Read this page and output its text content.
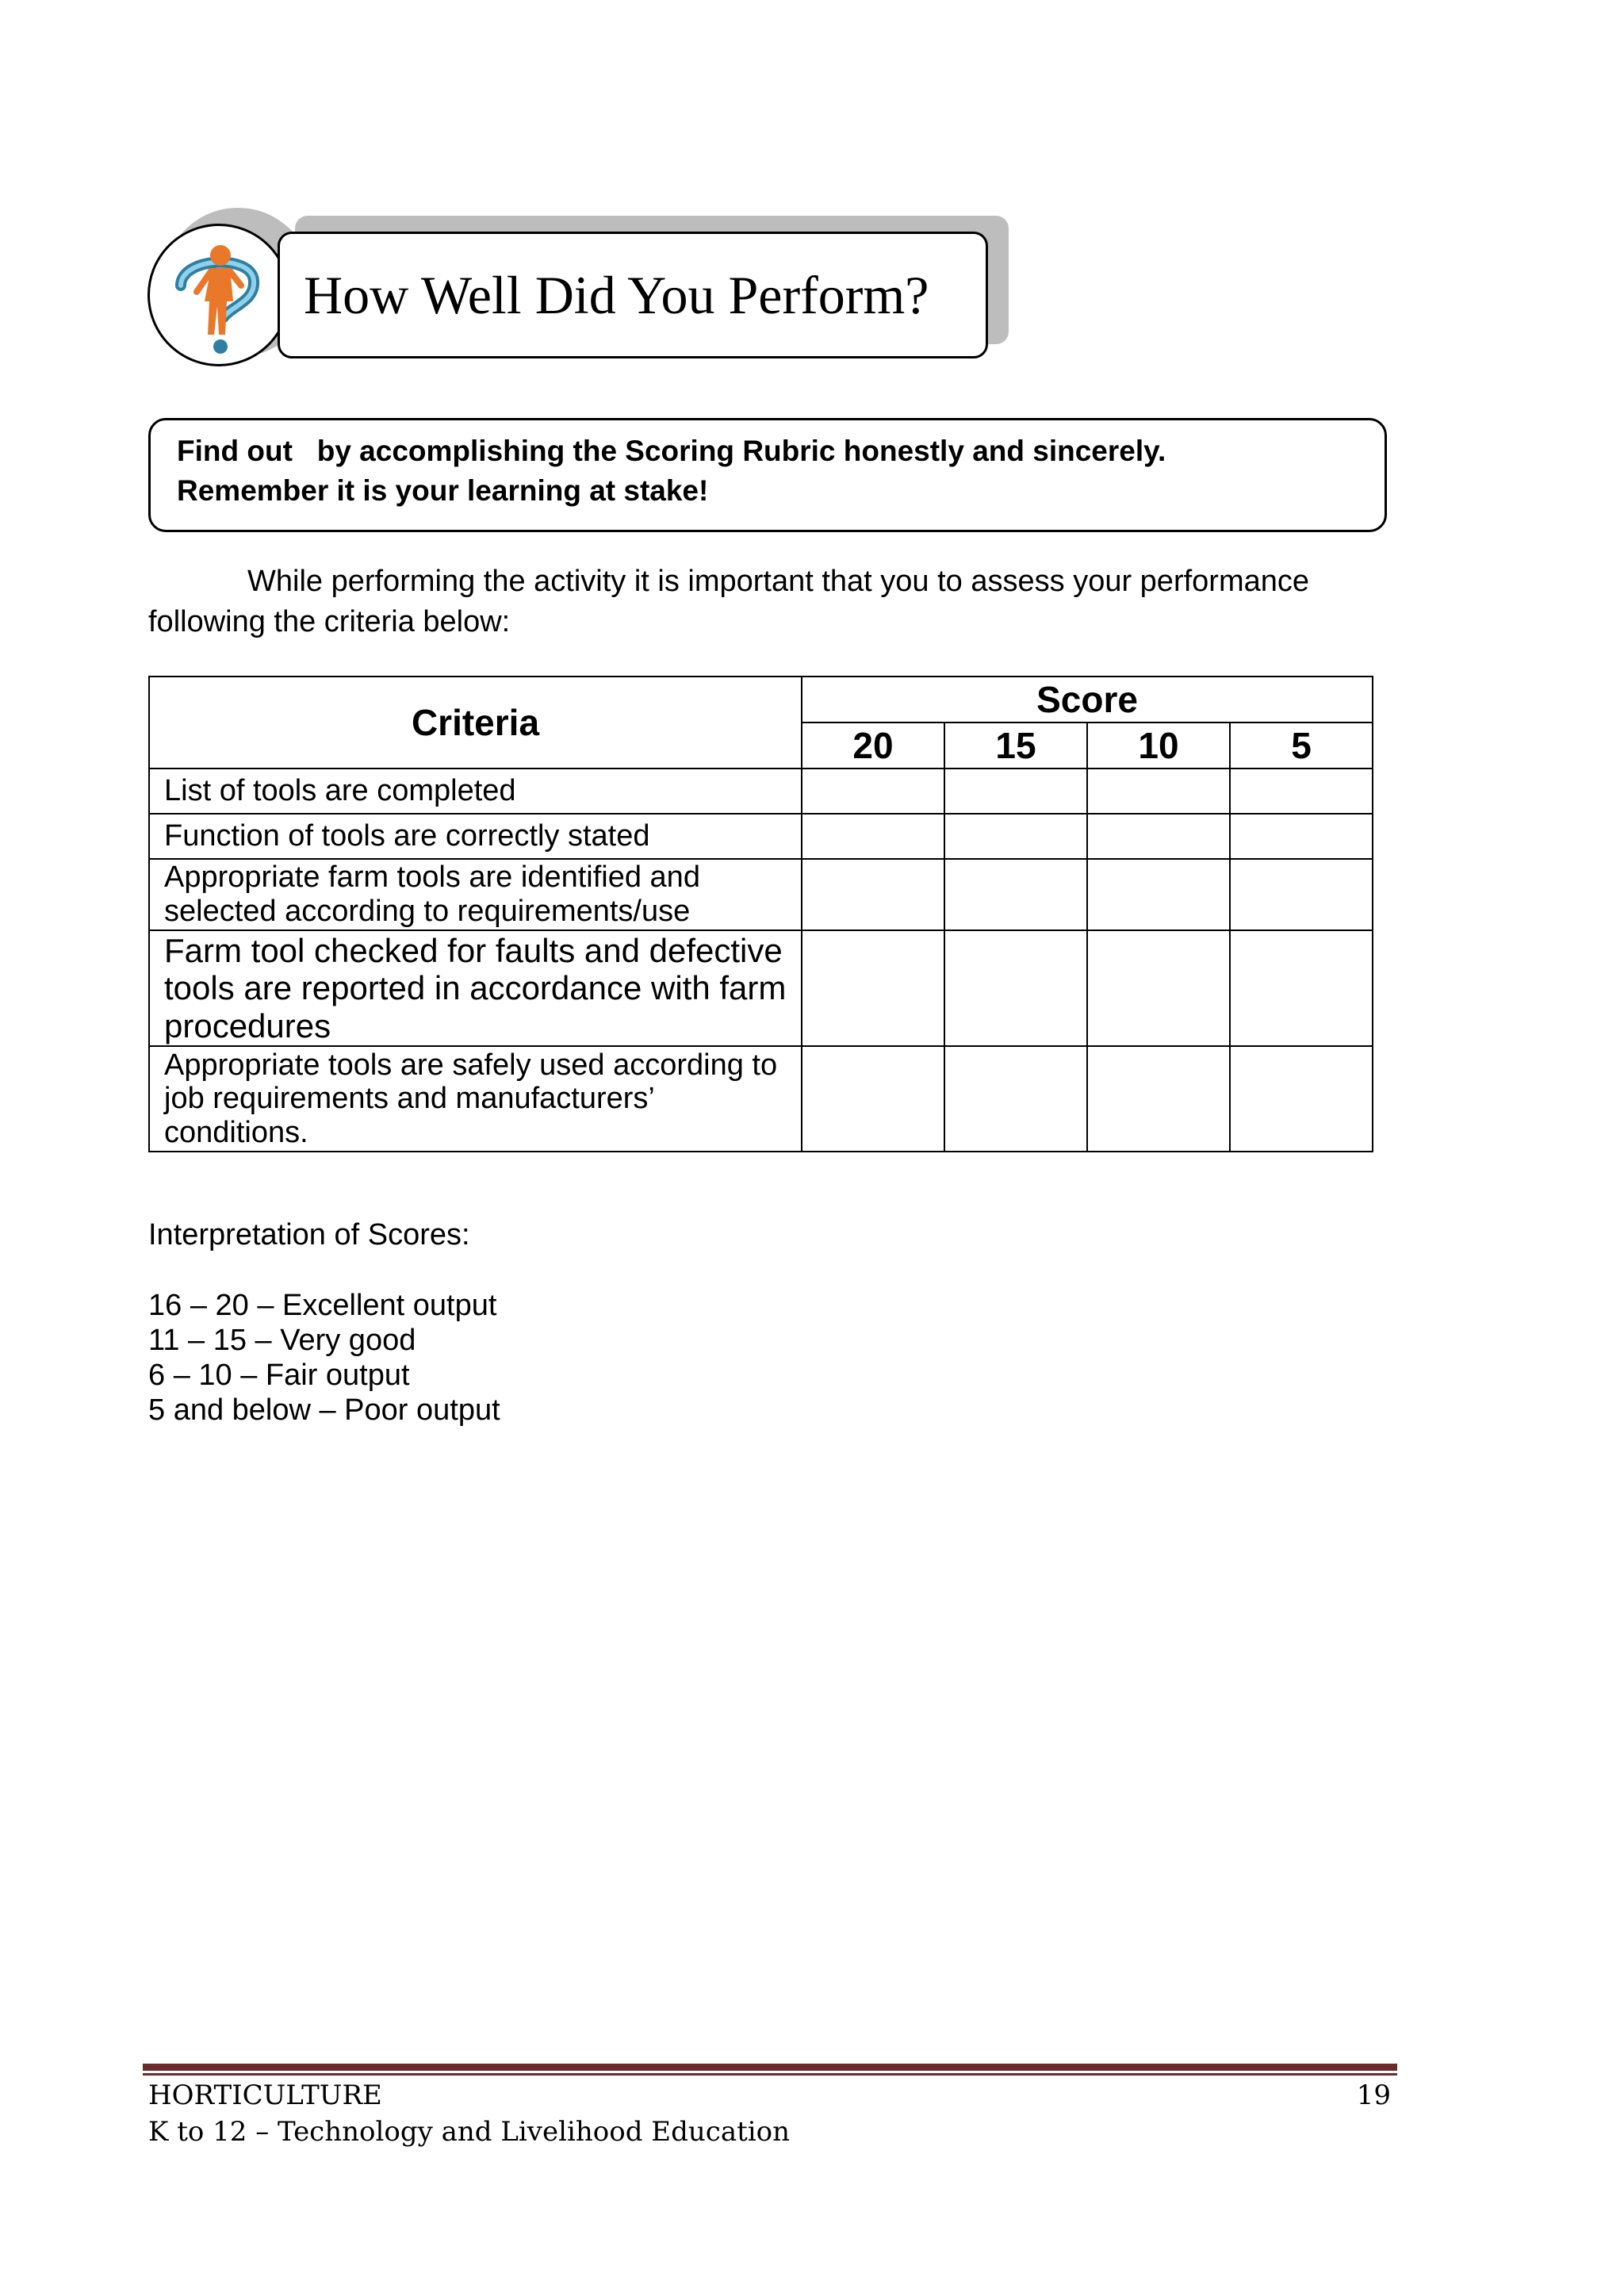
How Well Did You Perform?
Find out   by accomplishing the Scoring Rubric honestly and sincerely.
Remember it is your learning at stake!
While performing the activity it is important that you to assess your performance
following the criteria below:
Criteria	Score			
	20	15	10	5
List of tools are completed				
Function of tools are correctly stated				
Appropriate farm tools are identified and selected according to requirements/use				
Farm tool checked for faults and defective tools are reported in accordance with farm procedures				
Appropriate tools are safely used according to job requirements and manufacturers’ conditions.				
Interpretation of Scores:
16 – 20 – Excellent output
11 – 15 – Very good
6 – 10 – Fair output
5 and below – Poor output
HORTICULTURE	19
K to 12 – Technology and Livelihood Education
